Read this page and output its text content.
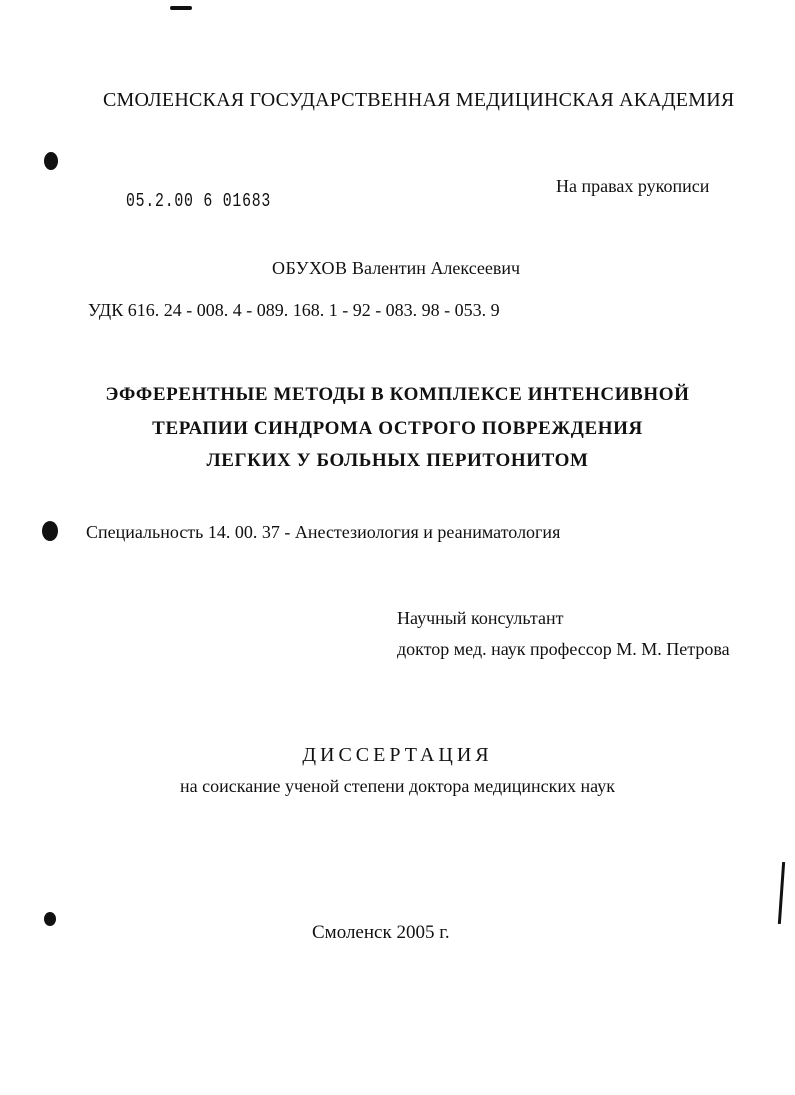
СМОЛЕНСКАЯ ГОСУДАРСТВЕННАЯ МЕДИЦИНСКАЯ АКАДЕМИЯ
На правах рукописи
05.2.00 6 01683
ОБУХОВ Валентин Алексеевич
УДК 616. 24 - 008. 4 - 089. 168. 1 - 92 - 083. 98 - 053. 9
ЭФФЕРЕНТНЫЕ МЕТОДЫ В КОМПЛЕКСЕ ИНТЕНСИВНОЙ
ТЕРАПИИ СИНДРОМА ОСТРОГО ПОВРЕЖДЕНИЯ
ЛЕГКИХ У БОЛЬНЫХ ПЕРИТОНИТОМ
Специальность 14. 00. 37 - Анестезиология и реаниматология
Научный консультант
доктор мед. наук профессор М. М. Петрова
ДИССЕРТАЦИЯ
на соискание ученой степени доктора медицинских наук
Смоленск 2005 г.
